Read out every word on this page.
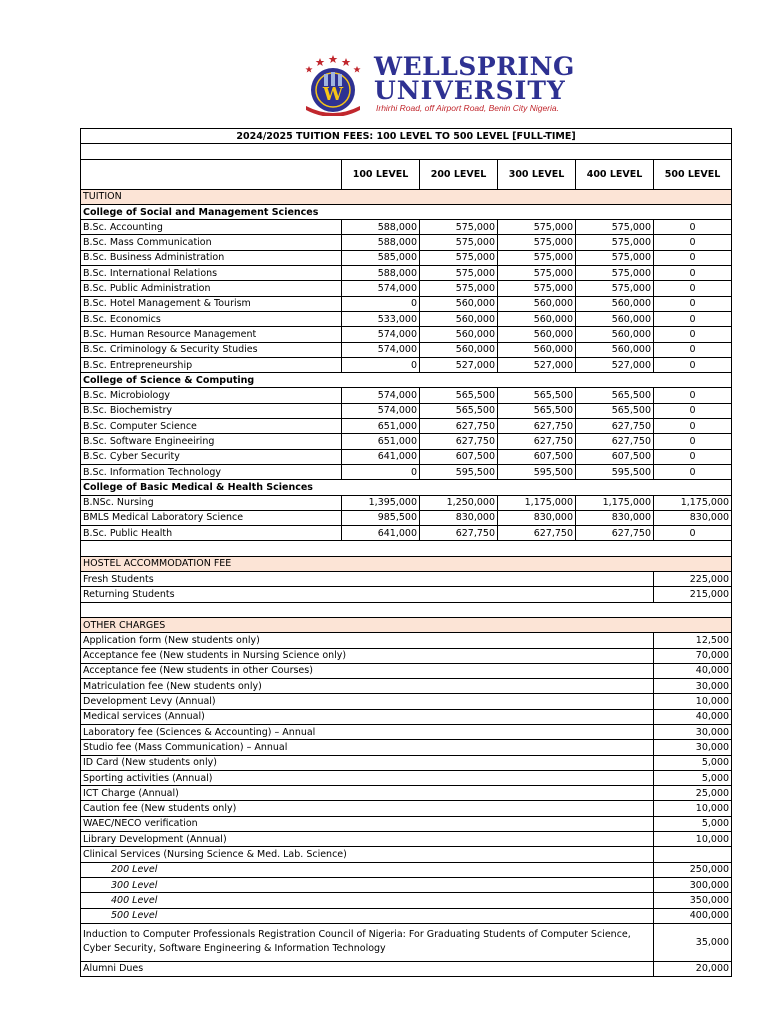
W
WELLSPRING
UNIVERSITY
Irhirhi Road, off Airport Road, Benin City Nigeria.
2024/2025 TUITION FEES: 100 LEVEL TO 500 LEVEL [FULL-TIME]					

	100 LEVEL	200 LEVEL	300 LEVEL	400 LEVEL	500 LEVEL
TUITION					
College of Social and Management Sciences					
B.Sc. Accounting	588,000	575,000	575,000	575,000	0
B.Sc. Mass Communication	588,000	575,000	575,000	575,000	0
B.Sc. Business Administration	585,000	575,000	575,000	575,000	0
B.Sc. International Relations	588,000	575,000	575,000	575,000	0
B.Sc. Public Administration	574,000	575,000	575,000	575,000	0
B.Sc. Hotel Management & Tourism	0	560,000	560,000	560,000	0
B.Sc. Economics	533,000	560,000	560,000	560,000	0
B.Sc. Human Resource Management	574,000	560,000	560,000	560,000	0
B.Sc. Criminology & Security Studies	574,000	560,000	560,000	560,000	0
B.Sc. Entrepreneurship	0	527,000	527,000	527,000	0
College of Science & Computing					
B.Sc. Microbiology	574,000	565,500	565,500	565,500	0
B.Sc. Biochemistry	574,000	565,500	565,500	565,500	0
B.Sc. Computer Science	651,000	627,750	627,750	627,750	0
B.Sc. Software Engineeiring	651,000	627,750	627,750	627,750	0
B.Sc. Cyber Security	641,000	607,500	607,500	607,500	0
B.Sc. Information Technology	0	595,500	595,500	595,500	0
College of Basic Medical & Health Sciences					
B.NSc. Nursing	1,395,000	1,250,000	1,175,000	1,175,000	1,175,000
BMLS Medical Laboratory Science	985,500	830,000	830,000	830,000	830,000
B.Sc. Public Health	641,000	627,750	627,750	627,750	0

HOSTEL ACCOMMODATION FEE					
Fresh Students					225,000
Returning Students					215,000

OTHER CHARGES					
Application form (New students only)					12,500
Acceptance fee (New students in Nursing Science only)					70,000
Acceptance fee (New students in other Courses)					40,000
Matriculation fee (New students only)					30,000
Development Levy (Annual)					10,000
Medical services (Annual)					40,000
Laboratory fee (Sciences & Accounting) – Annual					30,000
Studio fee (Mass Communication) – Annual					30,000
ID Card (New students only)					5,000
Sporting activities (Annual)					5,000
ICT Charge (Annual)					25,000
Caution fee (New students only)					10,000
WAEC/NECO verification					5,000
Library Development (Annual)					10,000
Clinical Services (Nursing Science & Med. Lab. Science)					
200 Level					250,000
300 Level					300,000
400 Level					350,000
500 Level					400,000
Induction to Computer Professionals Registration Council of Nigeria: For Graduating Students of Computer Science, Cyber Security, Software Engineering & Information Technology					35,000
Alumni Dues					20,000
